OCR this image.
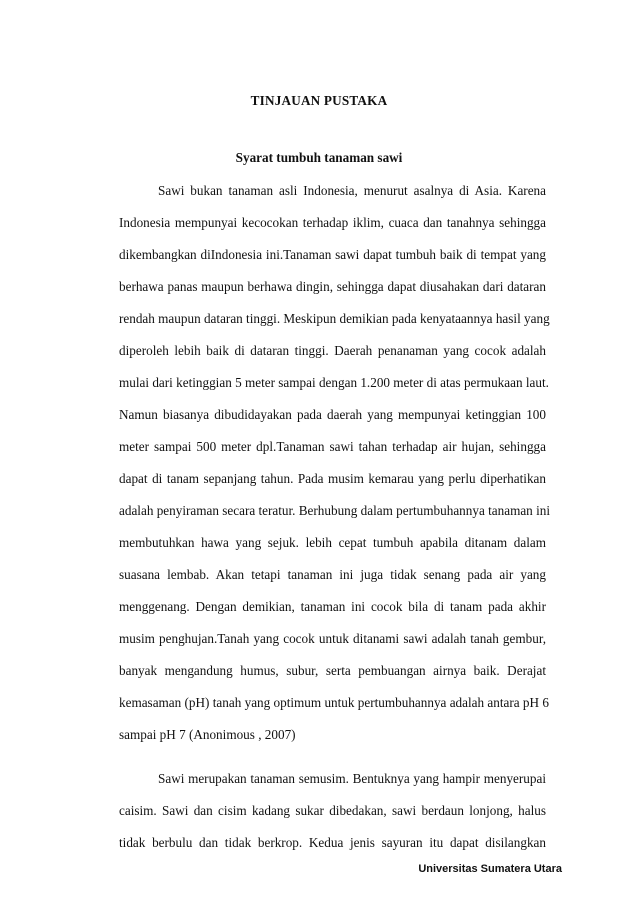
TINJAUAN PUSTAKA
Syarat tumbuh tanaman sawi
Sawi bukan tanaman asli Indonesia, menurut asalnya di Asia. Karena
Indonesia mempunyai kecocokan terhadap iklim, cuaca dan tanahnya sehingga
dikembangkan diIndonesia ini.Tanaman sawi dapat tumbuh baik di tempat yang
berhawa panas maupun berhawa dingin, sehingga dapat diusahakan dari dataran
rendah maupun dataran tinggi. Meskipun demikian pada kenyataannya hasil yang
diperoleh lebih baik di dataran tinggi. Daerah penanaman yang cocok adalah
mulai dari ketinggian 5 meter sampai dengan 1.200 meter di atas permukaan laut.
Namun biasanya dibudidayakan pada daerah yang mempunyai ketinggian 100
meter sampai 500 meter dpl.Tanaman sawi tahan terhadap air hujan, sehingga
dapat di tanam sepanjang tahun. Pada musim kemarau yang perlu diperhatikan
adalah penyiraman secara teratur. Berhubung dalam pertumbuhannya tanaman ini
membutuhkan hawa yang sejuk. lebih cepat tumbuh apabila ditanam dalam
suasana lembab. Akan tetapi tanaman ini juga tidak senang pada air yang
menggenang. Dengan demikian, tanaman ini cocok bila di tanam pada akhir
musim penghujan.Tanah yang cocok untuk ditanami sawi adalah tanah gembur,
banyak mengandung humus, subur, serta pembuangan airnya baik. Derajat
kemasaman (pH) tanah yang optimum untuk pertumbuhannya adalah antara pH 6
sampai pH 7 (Anonimous , 2007)
Sawi merupakan tanaman semusim. Bentuknya yang hampir menyerupai
caisim. Sawi dan cisim kadang sukar dibedakan, sawi berdaun lonjong, halus
tidak berbulu dan tidak berkrop. Kedua jenis sayuran itu dapat disilangkan
Universitas Sumatera Utara
